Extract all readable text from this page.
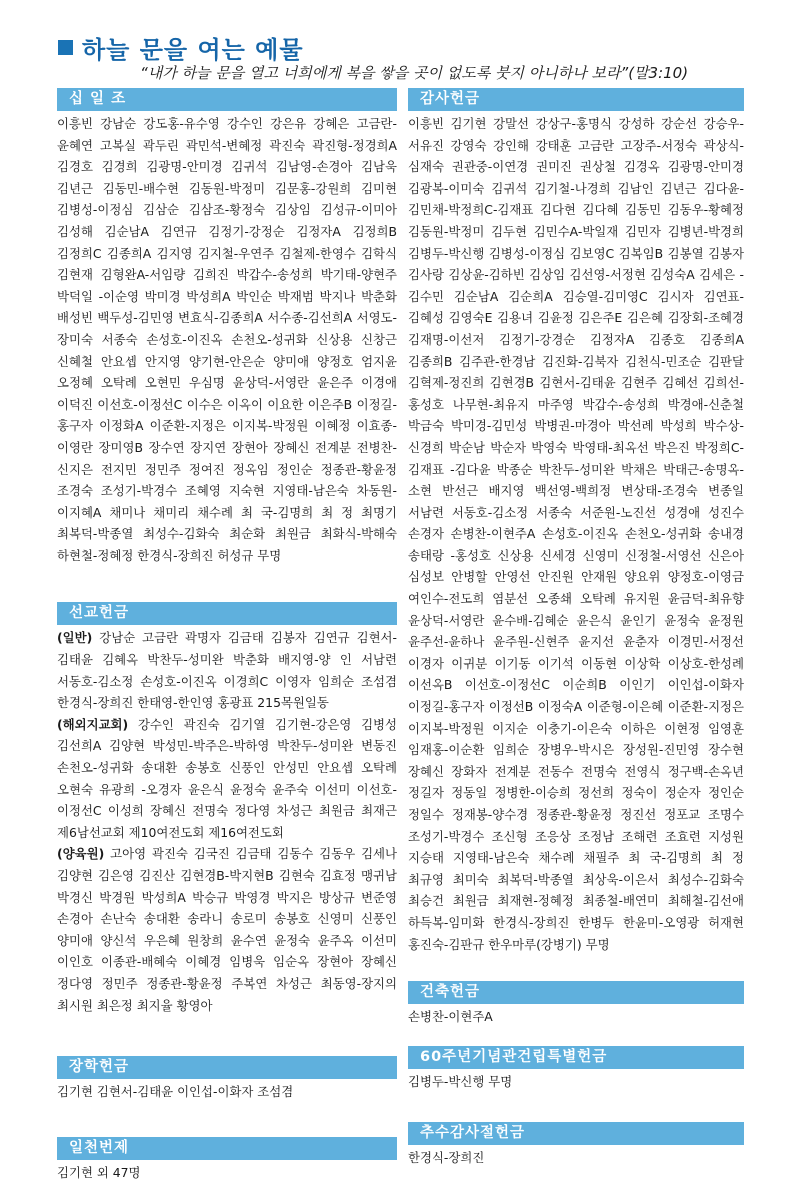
하늘 문을 여는 예물
“내가 하늘 문을 열고 너희에게 복을 쌓을 곳이 없도록 붓지 아니하나 보라”(말3:10)
십 일 조
이흥빈 강남순 강도홍-유수영 강수인 강은유 강혜은 고금란-윤혜연 고복실 곽두린 곽민석-변혜정 곽진숙 곽진형-정경희A 김경호 김경희 김광명-안미경 김귀석 김남영-손경아 김남욱 김년근 김동민-배수현 김동원-박정미 김문홍-강원희 김미현 김병성-이정심 김삼순 김삼조-황정숙 김상임 김성규-이미아 김성해 김순남A 김연규 김정기-강정순 김정자A 김정희B 김정희C 김종희A 김지영 김지철-우연주 김철제-한영수 김학식 김현재 김형완A-서임량 김희진 박갑수-송성희 박기태-양현주 박덕일 -이순영 박미경 박성희A 박인순 박재범 박지나 박춘화 배성빈 백두성-김민영 변효식-김종희A 서수종-김선희A 서영도-장미숙 서종숙 손성호-이진옥 손천오-성귀화 신상용 신창근 신혜철 안요셉 안지영 양기현-안은순 양미애 양정호 엄지윤 오정혜 오탁례 오현민 우심명 윤상덕-서영란 윤은주 이경애 이덕진 이선호-이정선C 이수은 이옥이 이요한 이은주B 이정길-홍구자 이정화A 이준환-지정은 이지복-박정원 이혜정 이효종-이영란 장미영B 장수연 장지연 장현아 장혜신 전계분 전병찬-신지은 전지민 정민주 정여진 정옥임 정인순 정종관-황윤정 조경숙 조성기-박경수 조혜영 지숙현 지영태-남은숙 차동원-이지혜A 채미나 채미리 채수례 최 국-김명희 최 정 최명기 최복덕-박종열 최성수-김화숙 최순화 최원금 최화식-박해숙 하현철-정혜정 한경식-장희진 허성규 무명
선교헌금
(일반) 강남순 고금란 곽명자 김금태 김봉자 김연규 김현서-김태윤 김혜옥 박찬두-성미완 박춘화 배지영-양 인 서남련 서동호-김소정 손성호-이진옥 이경희C 이영자 임희순 조섬겸 한경식-장희진 한태영-한인영 홍광표 215목원일동
(해외지교회) 강수인 곽진숙 김기열 김기현-강은영 김병성 김선희A 김양현 박성민-박주은-박하영 박찬두-성미완 변동진 손천오-성귀화 송대환 송봉호 신풍인 안성민 안요셉 오탁례 오현숙 유광희 -오경자 윤은식 윤정숙 윤주숙 이선미 이선호-이정선C 이성희 장혜신 전명숙 정다영 차성근 최원금 최재근 제6남선교회 제10여전도회 제16여전도회
(양육원) 고아영 곽진숙 김국진 김금태 김동수 김동우 김세나 김양현 김은영 김진산 김현경B-박지현B 김현숙 김효정 맹귀남 박경신 박경원 박성희A 박승규 박영경 박지은 방상규 변준영 손경아 손난숙 송대환 송라니 송로미 송봉호 신영미 신풍인 양미애 양신석 우은혜 원창희 윤수연 윤정숙 윤주옥 이선미 이인호 이종관-배혜숙 이혜경 임병욱 임순옥 장현아 장혜신 정다영 정민주 정종관-황윤정 주복연 차성근 최동영-장지의 최시원 최은정 최지율 황영아
장학헌금
김기현 김현서-김태윤 이인섭-이화자 조섬겸
일천번제
김기현 외 47명
감사헌금
이흥빈 김기현 강말선 강상구-홍명식 강성하 강순선 강승우-서유진 강영숙 강인해 강태훈 고금란 고장주-서정숙 곽상식-심재숙 권관중-이연경 권미진 권상철 김경옥 김광명-안미경 김광복-이미숙 김귀석 김기철-나경희 김남인 김년근 김다윤-김민채-박정희C-김재표 김다현 김다혜 김동민 김동우-황혜정 김동원-박정미 김두현 김민수A-박일재 김민자 김병년-박경희 김병두-박신행 김병성-이정심 김보영C 김복임B 김봉열 김봉자 김사랑 김상윤-김하빈 김상임 김선영-서정현 김성숙A 김세은 -김수민 김순남A 김순희A 김승열-김미영C 김시자 김연표-김혜성 김영숙E 김용녀 김윤정 김은주E 김은혜 김장회-조혜경 김재명-이선저 김정기-강경순 김정자A 김종호 김종희A 김종희B 김주관-한경남 김진화-김북자 김천식-민조순 김판달 김혁제-정진희 김현경B 김현서-김태윤 김현주 김혜선 김희선-홍성호 나무현-최유지 마주영 박갑수-송성희 박경애-신춘철 박금숙 박미경-김민성 박병권-마경아 박선례 박성희 박수상-신경희 박순남 박순자 박영숙 박영태-최옥선 박은진 박정희C-김재표 -김다윤 박종순 박찬두-성미완 박채은 박태근-송명옥-소현 반선근 배지영 백선영-백희정 변상태-조경숙 변종일 서남련 서동호-김소정 서종숙 서준원-노진선 성경애 성진수 손경자 손병찬-이현주A 손성호-이진옥 손천오-성귀화 송내경 송태랑 -홍성호 신상용 신세경 신영미 신정철-서영선 신은아 심성보 안병할 안영선 안진원 안재원 양요위 양정호-이영금 여인수-전도희 염분선 오종쇄 오탁례 유지원 윤금덕-최유향 윤상덕-서영란 윤수배-김혜순 윤은식 윤인기 윤정숙 윤정원 윤주선-윤하나 윤주원-신현주 윤지선 윤춘자 이경민-서정선 이경자 이귀분 이기동 이기석 이동현 이상학 이상호-한성례 이선옥B 이선호-이정선C 이순희B 이인기 이인섭-이화자 이정길-홍구자 이정선B 이정숙A 이준형-이은혜 이준환-지정은 이지복-박정원 이지순 이충기-이은숙 이하은 이현정 임영훈 임재홍-이순환 임희순 장병우-박시은 장성원-진민영 장수현 장혜신 장화자 전계분 전동수 전명숙 전영식 정구백-손옥년 정길자 정동일 정병한-이승희 정선희 정숙이 정순자 정인순 정일수 정재봉-양수경 정종관-황윤정 정진선 정포교 조명수 조성기-박경수 조신형 조응상 조정남 조해련 조효련 지성원 지승태 지영태-남은숙 채수례 채필주 최 국-김명희 최 정 최규영 최미숙 최복덕-박종열 최상욱-이은서 최성수-김화숙 최승건 최원금 최재현-정혜정 최종철-배연미 최해철-김선애 하득복-임미화 한경식-장희진 한병두 한윤미-오영광 허재현 홍진숙-김판규 한우마루(강병기) 무명
건축헌금
손병찬-이현주A
60주년기념관건립특별헌금
김병두-박신행 무명
추수감사절헌금
한경식-장희진
